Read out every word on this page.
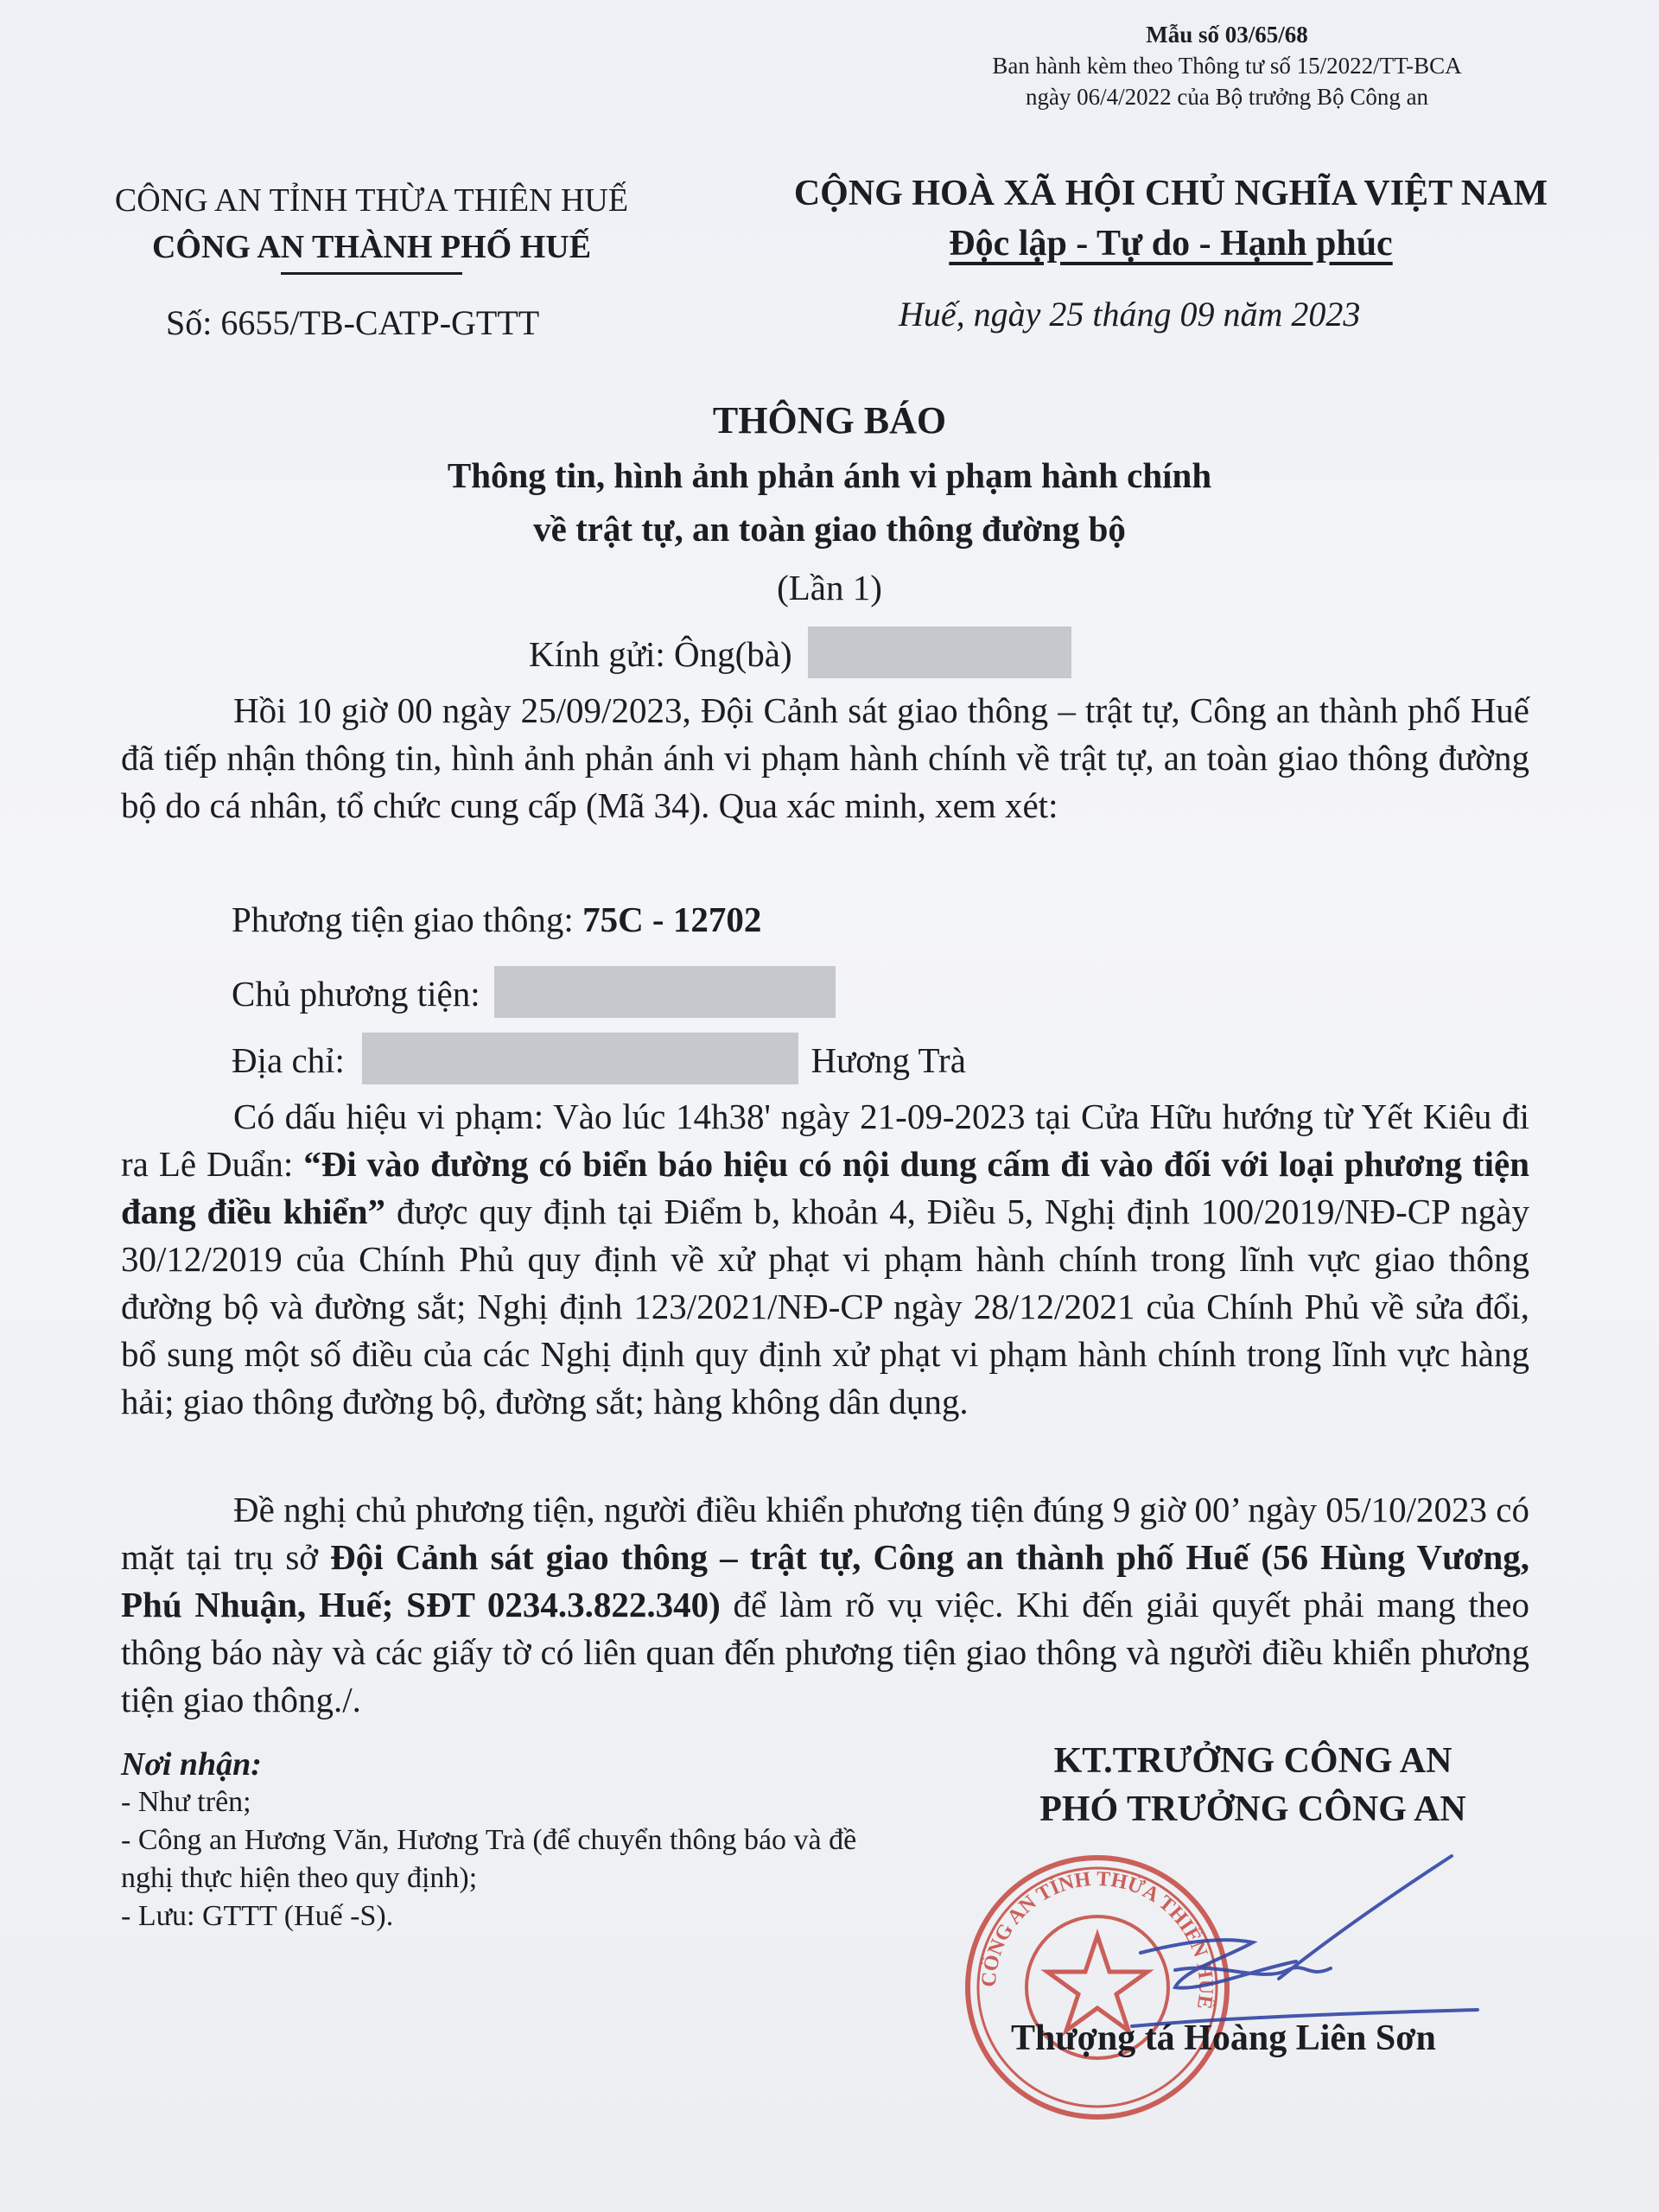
Mẫu số 03/65/68
Ban hành kèm theo Thông tư số 15/2022/TT-BCA
ngày 06/4/2022 của Bộ trưởng Bộ Công an
CÔNG AN TỈNH THỪA THIÊN HUẾ
CÔNG AN THÀNH PHỐ HUẾ
CỘNG HOÀ XÃ HỘI CHỦ NGHĨA VIỆT NAM
Độc lập - Tự do - Hạnh phúc
Số: 6655/TB-CATP-GTTT	Huế, ngày 25 tháng 09 năm 2023
THÔNG BÁO
Thông tin, hình ảnh phản ánh vi phạm hành chính
về trật tự, an toàn giao thông đường bộ
(Lần 1)
Kính gửi: Ông(bà)
Hồi 10 giờ 00 ngày 25/09/2023, Đội Cảnh sát giao thông – trật tự, Công an thành phố Huế đã tiếp nhận thông tin, hình ảnh phản ánh vi phạm hành chính về trật tự, an toàn giao thông đường bộ do cá nhân, tổ chức cung cấp (Mã 34). Qua xác minh, xem xét:
Phương tiện giao thông: 75C - 12702
Chủ phương tiện:
Địa chỉ:	Hương Trà
Có dấu hiệu vi phạm: Vào lúc 14h38' ngày 21-09-2023 tại Cửa Hữu hướng từ Yết Kiêu đi ra Lê Duẩn: “Đi vào đường có biển báo hiệu có nội dung cấm đi vào đối với loại phương tiện đang điều khiển” được quy định tại Điểm b, khoản 4, Điều 5, Nghị định 100/2019/NĐ-CP ngày 30/12/2019 của Chính Phủ quy định về xử phạt vi phạm hành chính trong lĩnh vực giao thông đường bộ và đường sắt; Nghị định 123/2021/NĐ-CP ngày 28/12/2021 của Chính Phủ về sửa đổi, bổ sung một số điều của các Nghị định quy định xử phạt vi phạm hành chính trong lĩnh vực hàng hải; giao thông đường bộ, đường sắt; hàng không dân dụng.
Đề nghị chủ phương tiện, người điều khiển phương tiện đúng 9 giờ 00’ ngày 05/10/2023 có mặt tại trụ sở Đội Cảnh sát giao thông – trật tự, Công an thành phố Huế (56 Hùng Vương, Phú Nhuận, Huế; SĐT 0234.3.822.340) để làm rõ vụ việc. Khi đến giải quyết phải mang theo thông báo này và các giấy tờ có liên quan đến phương tiện giao thông và người điều khiển phương tiện giao thông./.
Nơi nhận:
- Như trên;
- Công an Hương Văn, Hương Trà (để chuyển thông báo và đề nghị thực hiện theo quy định);
- Lưu: GTTT (Huế -S).
KT.TRƯỞNG CÔNG AN
PHÓ TRƯỞNG CÔNG AN
CÔNG AN TỈNH THỪA THIÊN HUẾ
Thượng tá Hoàng Liên Sơn
